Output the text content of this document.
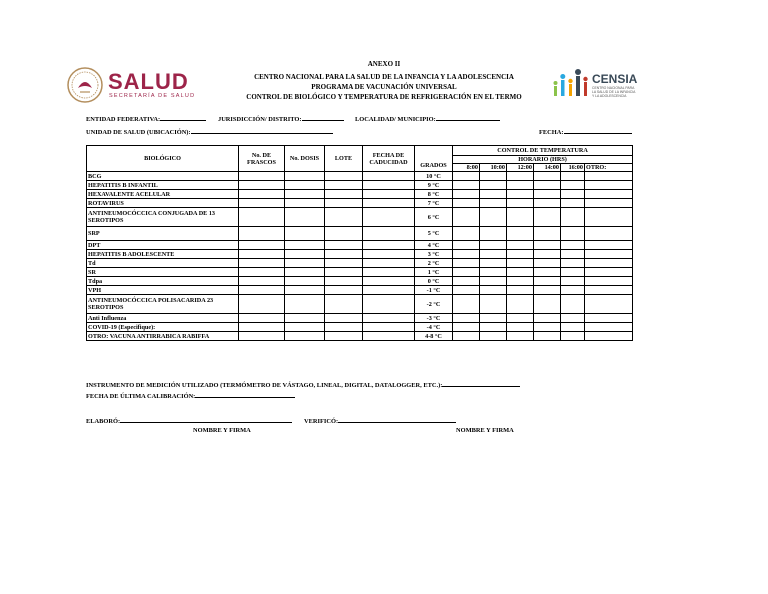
ANEXO II
CENTRO NACIONAL PARA LA SALUD DE LA INFANCIA Y LA ADOLESCENCIA
PROGRAMA DE VACUNACIÓN UNIVERSAL
CONTROL DE BIOLÓGICO Y TEMPERATURA DE REFRIGERACIÓN EN EL TERMO
SALUD
SECRETARÍA DE SALUD
CENSIA
CENTRO NACIONAL PARA LA SALUD DE LA INFANCIA Y LA ADOLESCENCIA
ENTIDAD FEDERATIVA:	JURISDICCIÓN/ DISTRITO:	LOCALIDAD/ MUNICIPIO:
UNIDAD DE SALUD (UBICACIÓN):	FECHA:
BIOLÓGICO	No. DE FRASCOS	No. DOSIS	LOTE	FECHA DE CADUCIDAD	GRADOS	CONTROL DE TEMPERATURA					
						HORARIO (HRS)					
						8:00	10:00	12:00	14:00	16:00	OTRO:
BCG					10 °C						
HEPATITIS B INFANTIL					9 °C						
HEXAVALENTE ACELULAR					8 °C						
ROTAVIRUS					7 °C						
ANTINEUMOCÓCCICA CONJUGADA DE 13 SEROTIPOS					6 °C						
SRP					5 °C						
DPT					4 °C						
HEPATITIS B ADOLESCENTE					3 °C						
Td					2 °C						
SR					1 °C						
Tdpa					0 °C						
VPH					-1 °C						
ANTINEUMOCÓCCICA POLISACARIDA 23 SEROTIPOS					-2 °C						
Anti Influenza					-3 °C						
COVID-19 (Especifique):					-4 °C						
OTRO: VACUNA ANTIRRABICA RABIFFA					4-8 °C						
INSTRUMENTO DE MEDICIÓN UTILIZADO (TERMÓMETRO DE VÁSTAGO, LINEAL, DIGITAL, DATALOGGER, ETC.):
FECHA DE ÚLTIMA CALIBRACIÓN:
ELABORÓ:	VERIFICÓ:
NOMBRE Y FIRMA	NOMBRE Y FIRMA
